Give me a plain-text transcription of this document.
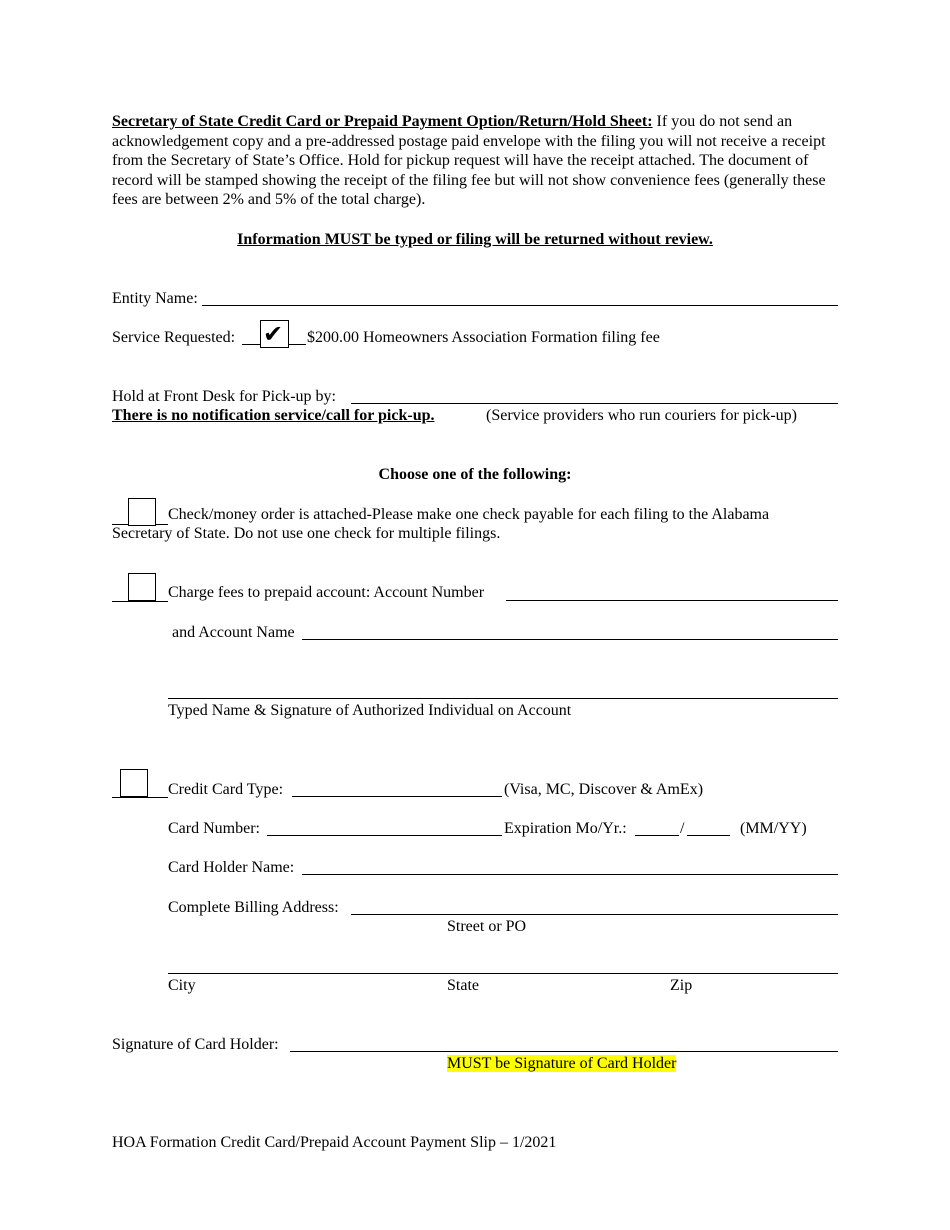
Secretary of State Credit Card or Prepaid Payment Option/Return/Hold Sheet: If you do not send an acknowledgement copy and a pre-addressed postage paid envelope with the filing you will not receive a receipt from the Secretary of State’s Office. Hold for pickup request will have the receipt attached. The document of record will be stamped showing the receipt of the filing fee but will not show convenience fees (generally these fees are between 2% and 5% of the total charge).
Information MUST be typed or filing will be returned without review.
Entity Name:
Service Requested: ✔ $200.00 Homeowners Association Formation filing fee
Hold at Front Desk for Pick-up by:
There is no notification service/call for pick-up.	(Service providers who run couriers for pick-up)
Choose one of the following:
Check/money order is attached-Please make one check payable for each filing to the Alabama
Secretary of State. Do not use one check for multiple filings.
Charge fees to prepaid account: Account Number
and Account Name
Typed Name & Signature of Authorized Individual on Account
Credit Card Type:	(Visa, MC, Discover & AmEx)
Card Number:	Expiration Mo/Yr.:	/	(MM/YY)
Card Holder Name:
Complete Billing Address:
Street or PO
City	State	Zip
Signature of Card Holder:
MUST be Signature of Card Holder
HOA Formation Credit Card/Prepaid Account Payment Slip – 1/2021
